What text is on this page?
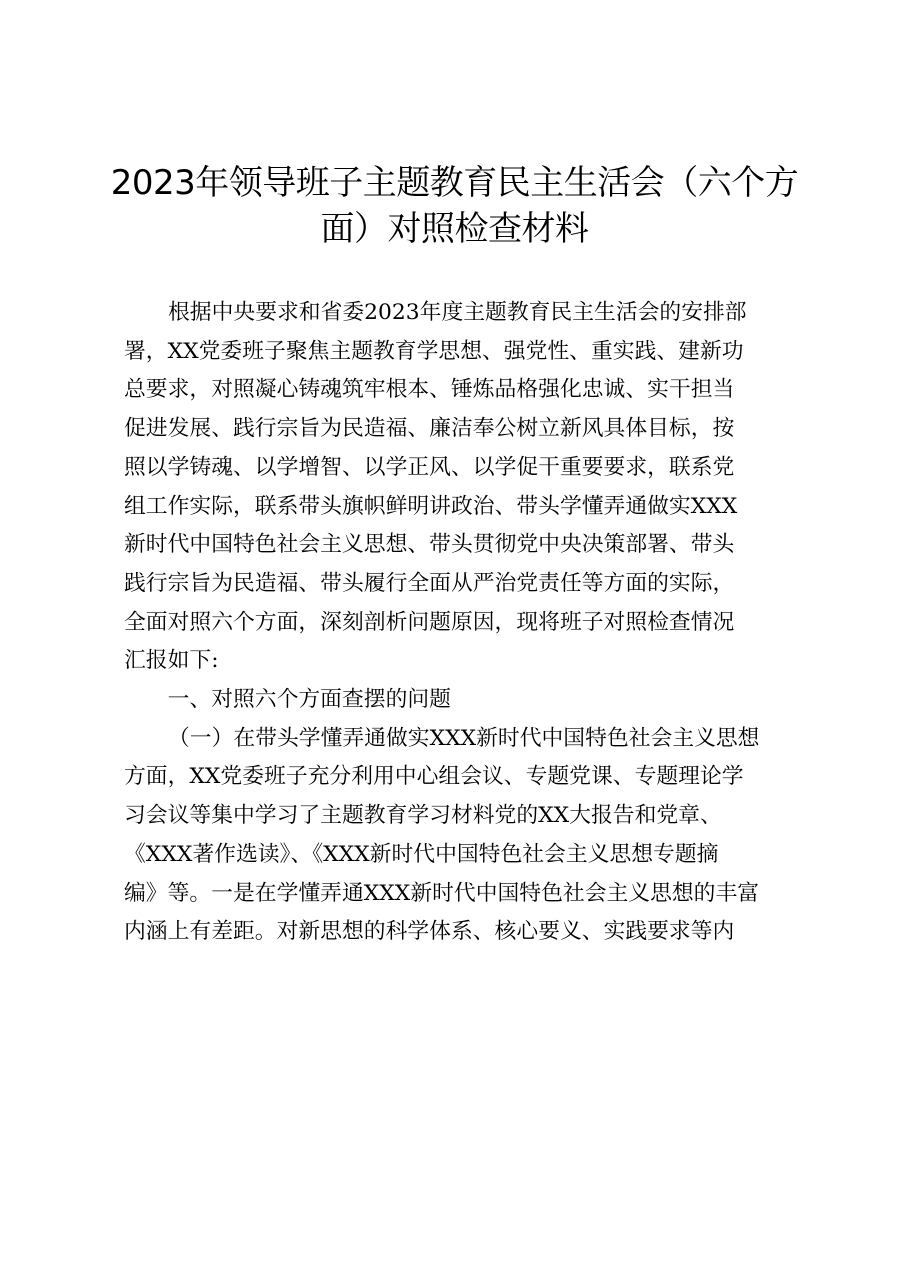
2023年领导班子主题教育民主生活会（六个方
面）对照检查材料

根据中央要求和省委2023年度主题教育民主生活会的安排部
署，XX党委班子聚焦主题教育学思想、强党性、重实践、建新功
总要求，对照凝心铸魂筑牢根本、锤炼品格强化忠诚、实干担当
促进发展、践行宗旨为民造福、廉洁奉公树立新风具体目标，按
照以学铸魂、以学增智、以学正风、以学促干重要要求，联系党
组工作实际，联系带头旗帜鲜明讲政治、带头学懂弄通做实XXX
新时代中国特色社会主义思想、带头贯彻党中央决策部署、带头
践行宗旨为民造福、带头履行全面从严治党责任等方面的实际，
全面对照六个方面，深刻剖析问题原因，现将班子对照检查情况
汇报如下:

一、对照六个方面查摆的问题

（一）在带头学懂弄通做实XXX新时代中国特色社会主义思想
方面，XX党委班子充分利用中心组会议、专题党课、专题理论学
习会议等集中学习了主题教育学习材料党的XX大报告和党章、
《XXX著作选读》、《XXX新时代中国特色社会主义思想专题摘
编》等。一是在学懂弄通XXX新时代中国特色社会主义思想的丰富
内涵上有差距。对新思想的科学体系、核心要义、实践要求等内
